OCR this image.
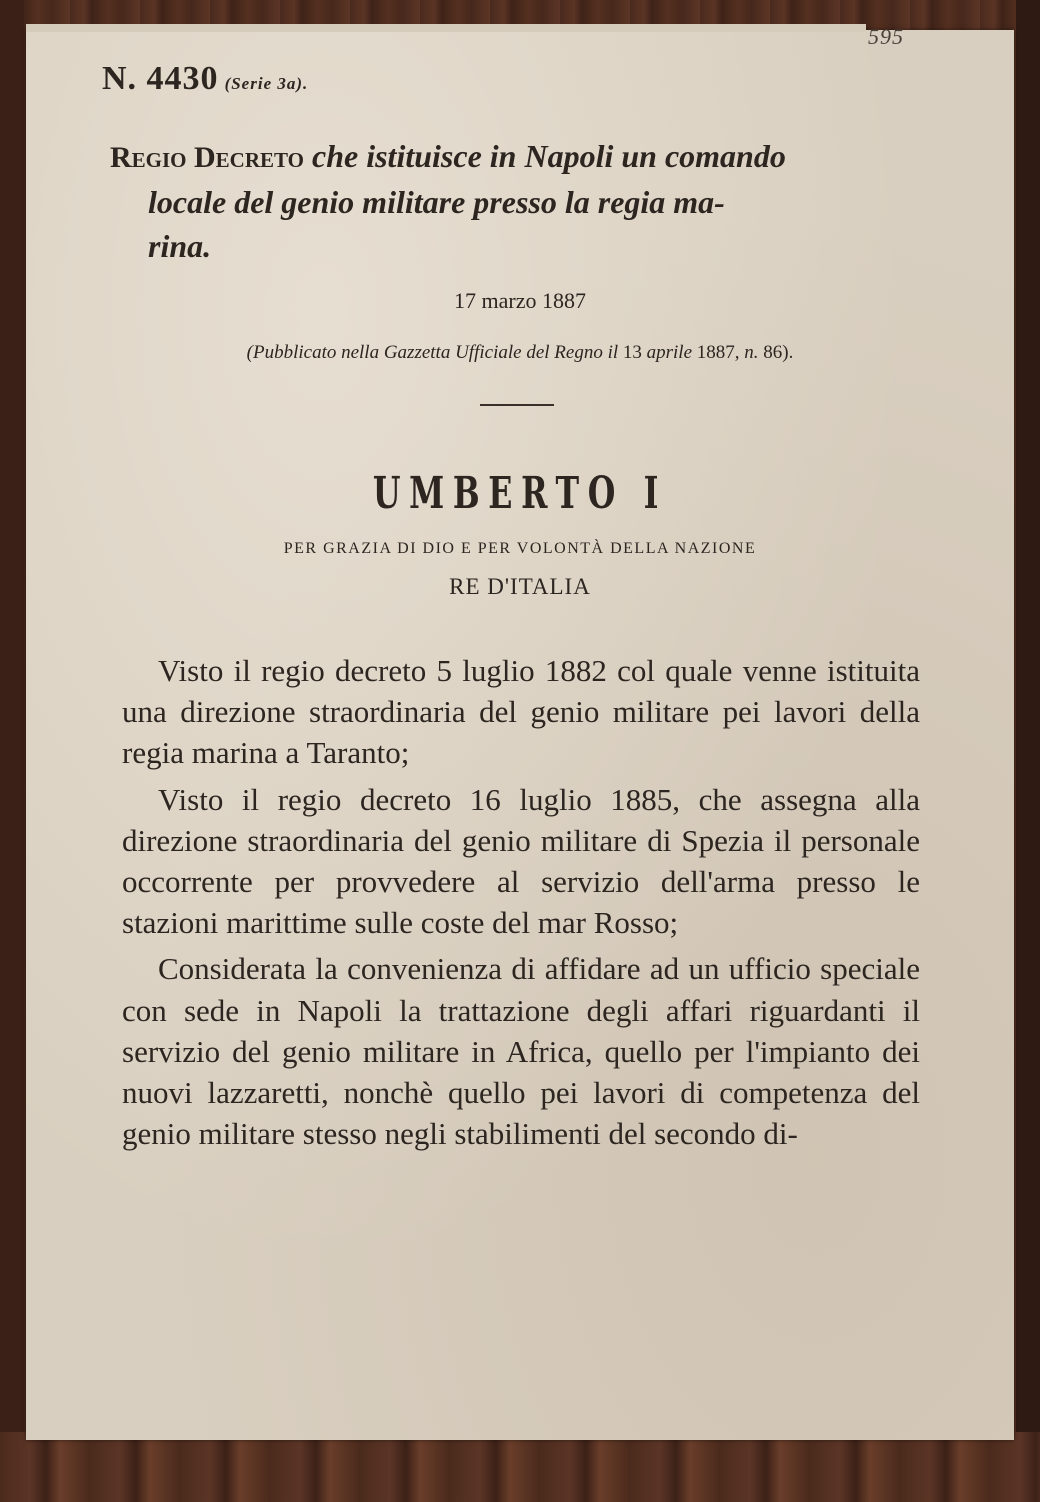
595
N. 4430 (Serie 3a).
Regio Decreto che istituisce in Napoli un comando
locale del genio militare presso la regia ma-
rina.
17 marzo 1887
(Pubblicato nella Gazzetta Ufficiale del Regno il 13 aprile 1887, n. 86).
UMBERTO I
PER GRAZIA DI DIO E PER VOLONTÀ DELLA NAZIONE
RE D'ITALIA

Visto il regio decreto 5 luglio 1882 col quale venne istituita una direzione straordinaria del genio militare pei lavori della regia marina a Taranto;

Visto il regio decreto 16 luglio 1885, che assegna alla direzione straordinaria del genio militare di Spezia il personale occorrente per provvedere al servizio dell'arma presso le stazioni marittime sulle coste del mar Rosso;

Considerata la convenienza di affidare ad un ufficio speciale con sede in Napoli la trattazione degli affari riguardanti il servizio del genio militare in Africa, quello per l'impianto dei nuovi lazzaretti, nonchè quello pei lavori di competenza del genio militare stesso negli stabilimenti del secondo di-
